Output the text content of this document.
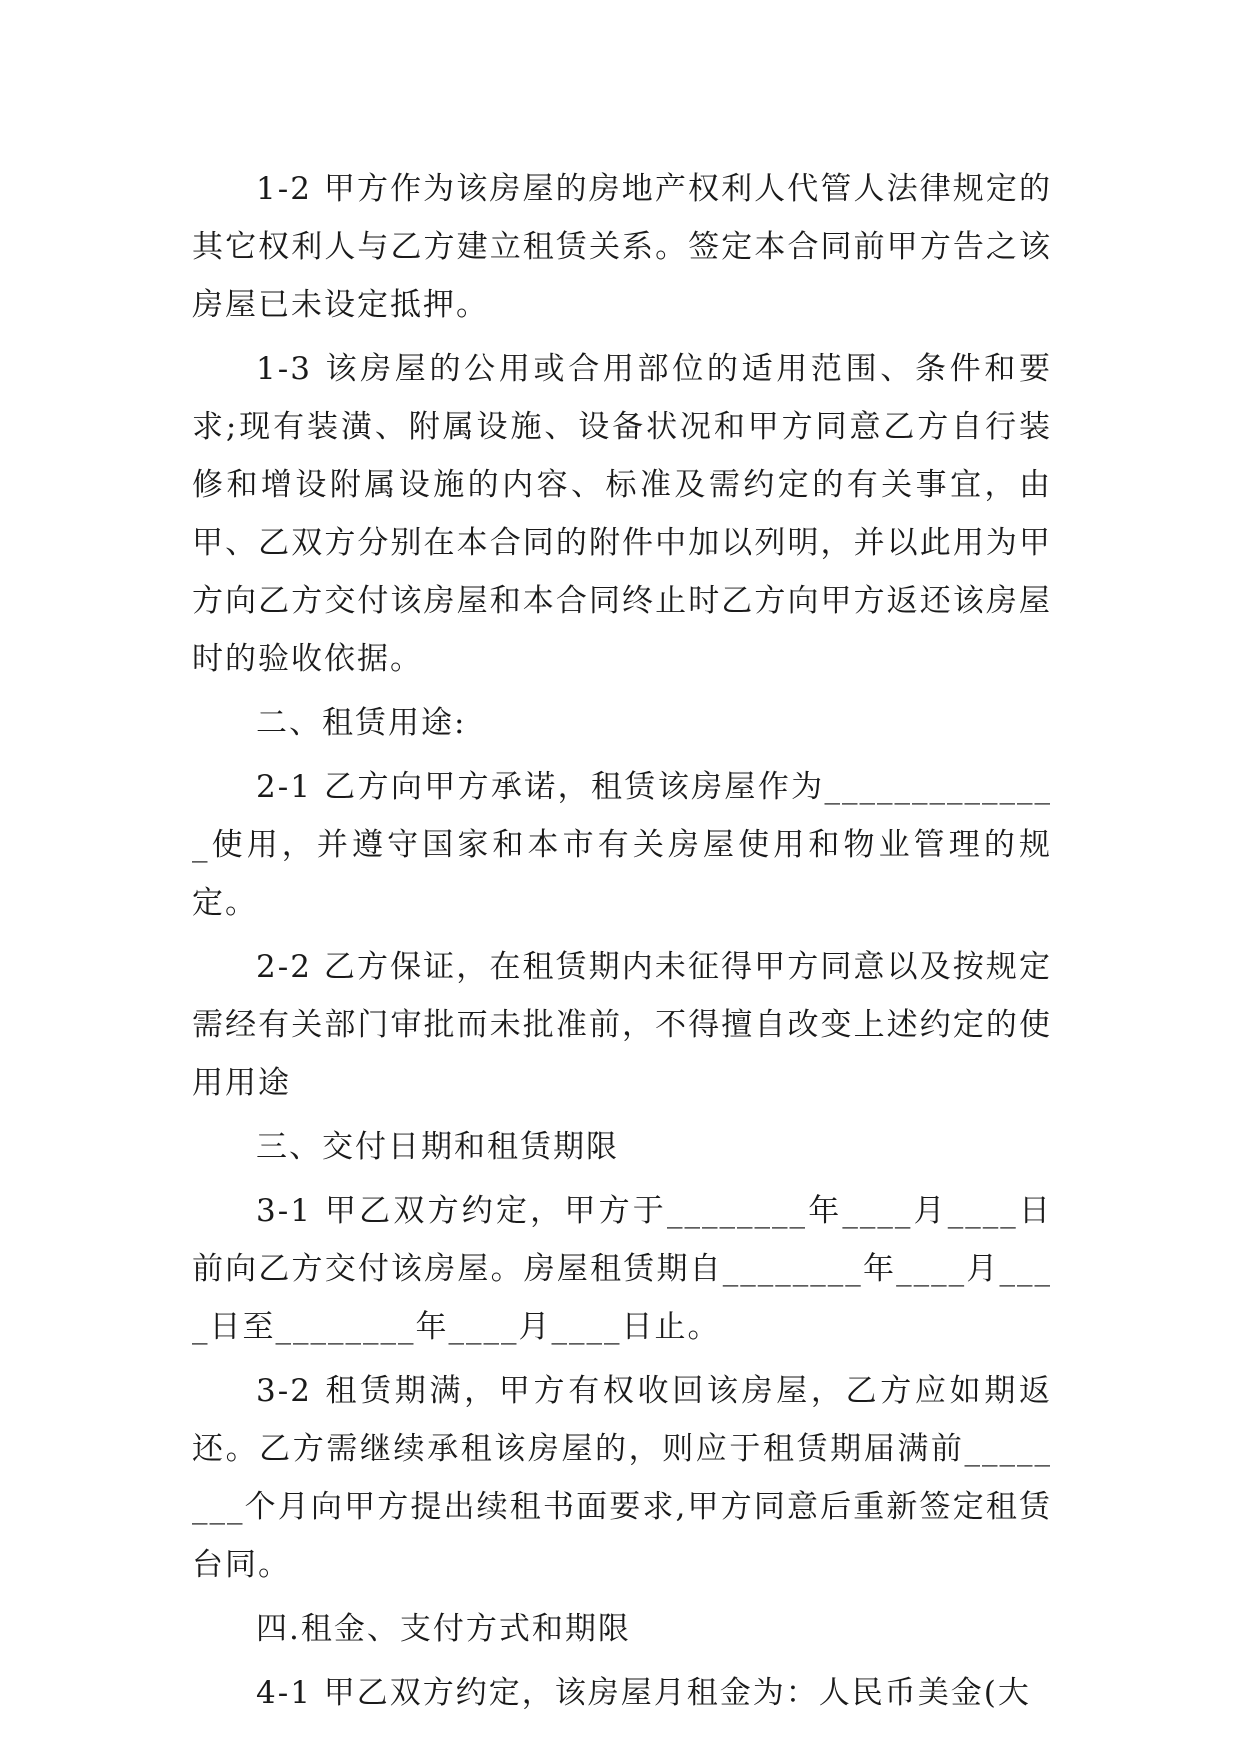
1-2 甲方作为该房屋的房地产权利人代管人法律规定的其它权利人与乙方建立租赁关系。签定本合同前甲方告之该房屋已未设定抵押。

1-3 该房屋的公用或合用部位的适用范围、条件和要求;现有装潢、附属设施、设备状况和甲方同意乙方自行装修和增设附属设施的内容、标准及需约定的有关事宜，由甲、乙双方分别在本合同的附件中加以列明，并以此用为甲方向乙方交付该房屋和本合同终止时乙方向甲方返还该房屋时的验收依据。

二、租赁用途:

2-1 乙方向甲方承诺，租赁该房屋作为______________使用，并遵守国家和本市有关房屋使用和物业管理的规定。

2-2 乙方保证，在租赁期内未征得甲方同意以及按规定需经有关部门审批而未批准前，不得擅自改变上述约定的使用用途

三、交付日期和租赁期限

3-1 甲乙双方约定，甲方于________年____月____日前向乙方交付该房屋。房屋租赁期自________年____月____日至________年____月____日止。

3-2 租赁期满，甲方有权收回该房屋，乙方应如期返还。乙方需继续承租该房屋的，则应于租赁期届满前________个月向甲方提出续租书面要求,甲方同意后重新签定租赁台同。

四.租金、支付方式和期限

4-1 甲乙双方约定，该房屋月租金为：人民币美金(大
